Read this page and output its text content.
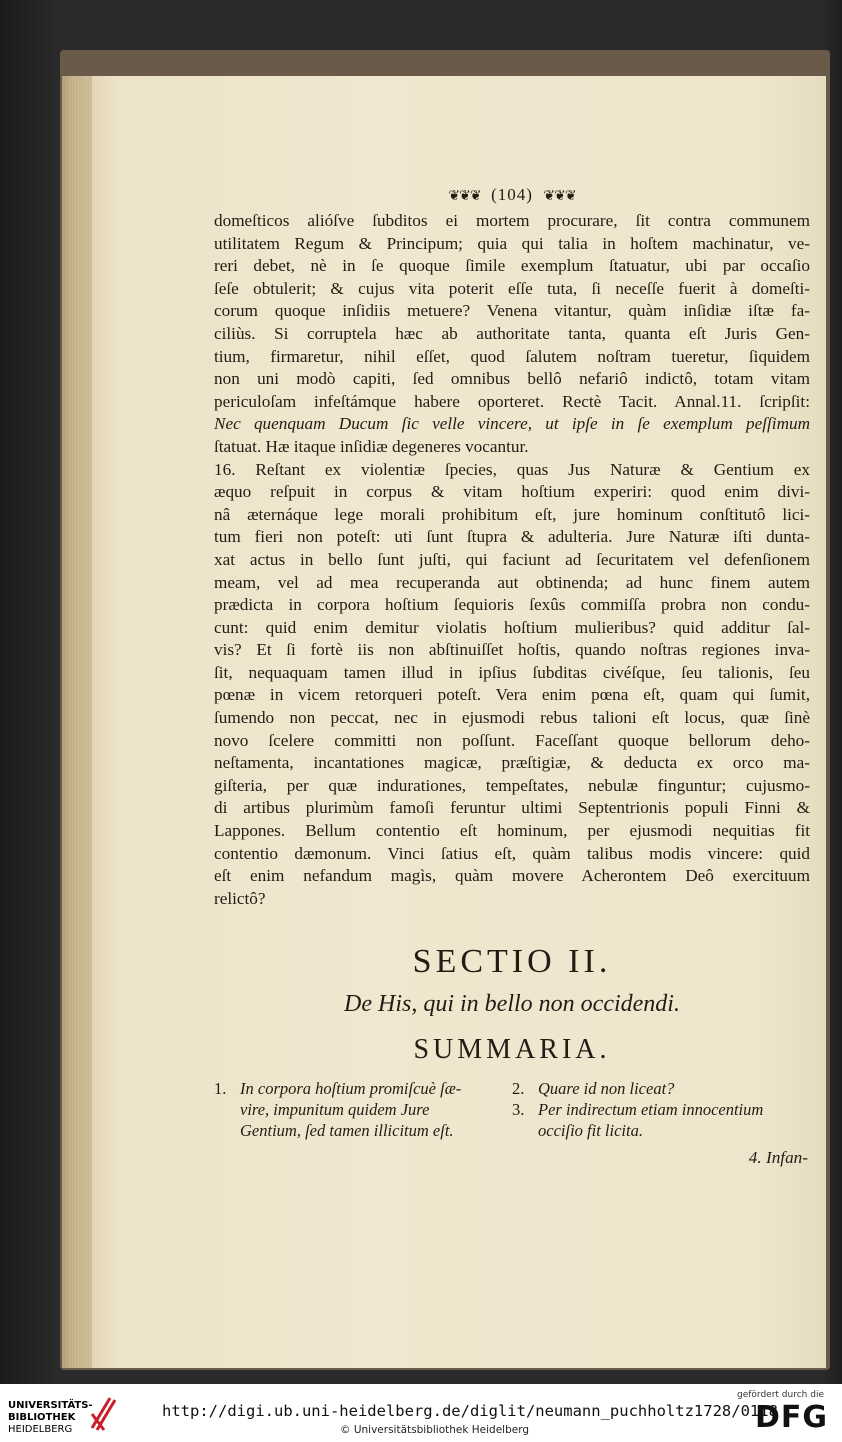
❦❦❦ (104) ❦❦❦
domeſticos alióſve ſubditos ei mortem procurare, ſit contra communem
utilitatem Regum & Principum; quia qui talia in hoſtem machinatur, ve-
reri debet, nè in ſe quoque ſimile exemplum ſtatuatur, ubi par occaſio
ſeſe obtulerit; & cujus vita poterit eſſe tuta, ſi neceſſe fuerit à domeſti-
corum quoque inſidiis metuere? Venena vitantur, quàm inſidiæ iſtæ fa-
ciliùs. Si corruptela hæc ab authoritate tanta, quanta eſt Juris Gen-
tium, firmaretur, nihil eſſet, quod ſalutem noſtram tueretur, ſiquidem
non uni modò capiti, ſed omnibus bellô nefariô indictô, totam vitam
periculoſam infeſtámque habere oporteret. Rectè Tacit. Annal.11. ſcripſit:
Nec quenquam Ducum ſic velle vincere, ut ipſe in ſe exemplum peſſimum
ſtatuat. Hæ itaque inſidiæ degeneres vocantur.
16. Reſtant ex violentiæ ſpecies, quas Jus Naturæ & Gentium ex
æquo reſpuit in corpus & vitam hoſtium experiri: quod enim divi-
nâ æternáque lege morali prohibitum eſt, jure hominum conſtitutô lici-
tum fieri non poteſt: uti ſunt ſtupra & adulteria. Jure Naturæ iſti dunta-
xat actus in bello ſunt juſti, qui faciunt ad ſecuritatem vel defenſionem
meam, vel ad mea recuperanda aut obtinenda; ad hunc finem autem
prædicta in corpora hoſtium ſequioris ſexûs commiſſa probra non condu-
cunt: quid enim demitur violatis hoſtium mulieribus? quid additur ſal-
vis? Et ſi fortè iis non abſtinuiſſet hoſtis, quando noſtras regiones inva-
ſit, nequaquam tamen illud in ipſius ſubditas civéſque, ſeu talionis, ſeu
pœnæ in vicem retorqueri poteſt. Vera enim pœna eſt, quam qui ſumit,
ſumendo non peccat, nec in ejusmodi rebus talioni eſt locus, quæ ſinè
novo ſcelere committi non poſſunt. Faceſſant quoque bellorum deho-
neſtamenta, incantationes magicæ, præſtigiæ, & deducta ex orco ma-
giſteria, per quæ indurationes, tempeſtates, nebulæ finguntur; cujusmo-
di artibus plurimùm famoſi feruntur ultimi Septentrionis populi Finni &
Lappones. Bellum contentio eſt hominum, per ejusmodi nequitias fit
contentio dæmonum. Vinci ſatius eſt, quàm talibus modis vincere: quid
eſt enim nefandum magìs, quàm movere Acherontem Deô exercituum
relictô?
SECTIO II.
De His, qui in bello non occidendi.
SUMMARIA.
1. In corpora hoſtium promiſcuè ſæ-
vire, impunitum quidem Jure
Gentium, ſed tamen illicitum eſt.
2. Quare id non liceat?
3. Per indirectum etiam innocentium
occiſio fit licita.
4. Infan-
UNIVERSITÄTS-
BIBLIOTHEK
HEIDELBERG
http://digi.ub.uni-heidelberg.de/diglit/neumann_puchholtz1728/0118
© Universitätsbibliothek Heidelberg
gefördert durch die
DFG
